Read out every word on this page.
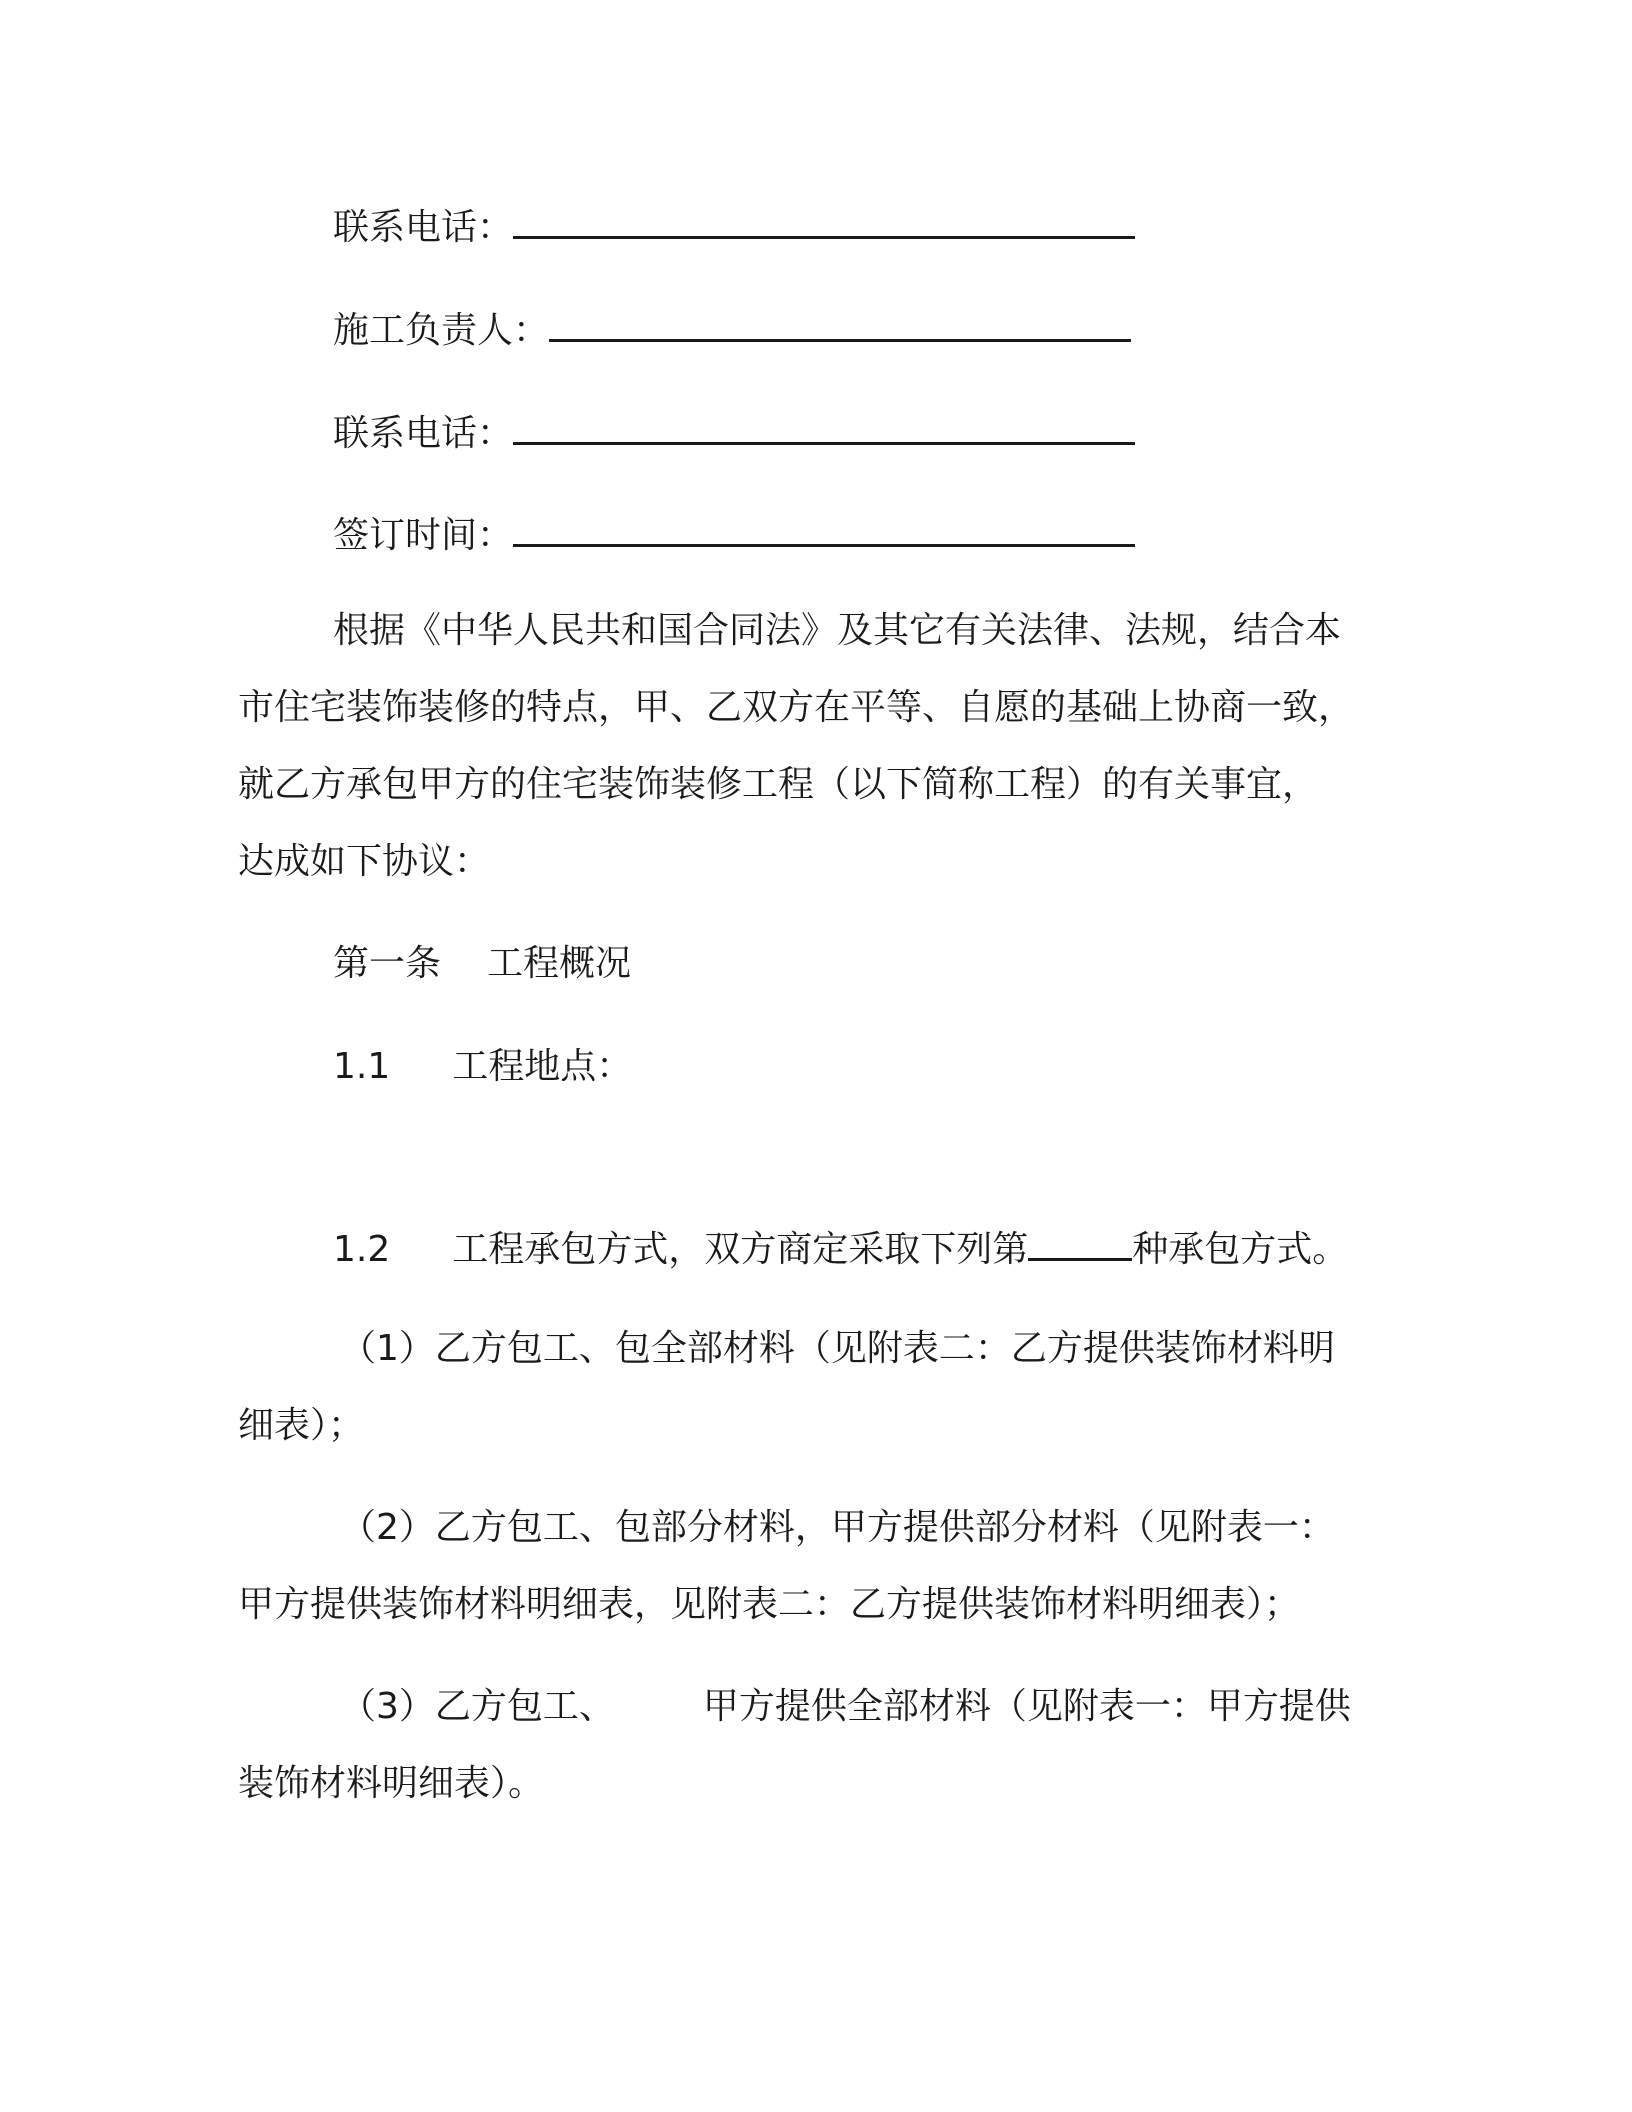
联系电话：
施工负责人：
联系电话：
签订时间：
根据《中华人民共和国合同法》及其它有关法律、法规，结合本
市住宅装饰装修的特点，甲、乙双方在平等、自愿的基础上协商一致，
就乙方承包甲方的住宅装饰装修工程（以下简称工程）的有关事宜，
达成如下协议：
第一条 工程概况
1.1 工程地点：
1.2 工程承包方式，双方商定采取下列第	种承包方式。
（1）乙方包工、包全部材料（见附表二：乙方提供装饰材料明
细表）；
（2）乙方包工、包部分材料，甲方提供部分材料（见附表一：
甲方提供装饰材料明细表，见附表二：乙方提供装饰材料明细表）；
（3）乙方包工、 甲方提供全部材料（见附表一：甲方提供
装饰材料明细表）。
